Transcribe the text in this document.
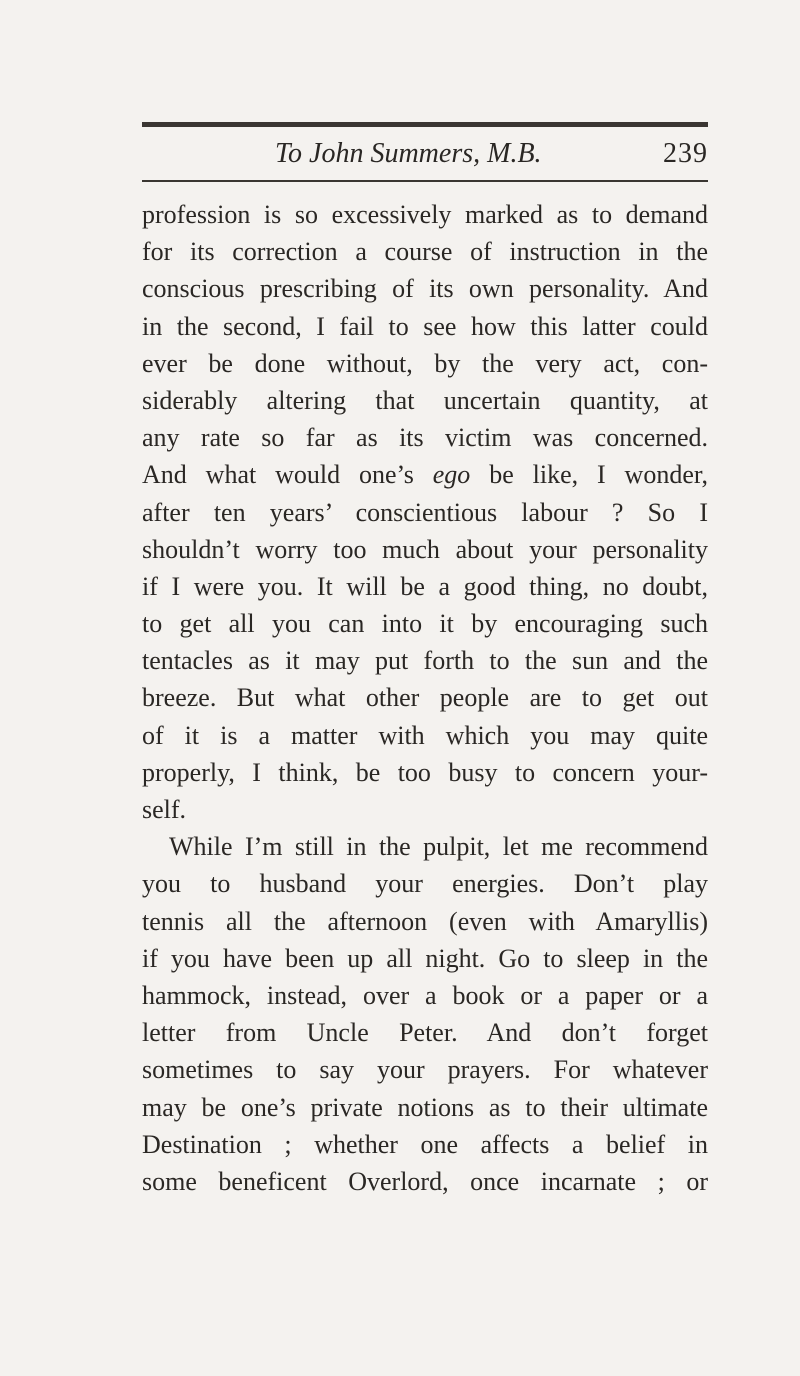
To John Summers, M.B.	239
profession is so excessively marked as to demand
for its correction a course of instruction in the
conscious prescribing of its own personality. And
in the second, I fail to see how this latter could
ever be done without, by the very act, con-
siderably altering that uncertain quantity, at
any rate so far as its victim was concerned.
And what would one’s ego be like, I wonder,
after ten years’ conscientious labour ? So I
shouldn’t worry too much about your personality
if I were you. It will be a good thing, no doubt,
to get all you can into it by encouraging such
tentacles as it may put forth to the sun and the
breeze. But what other people are to get out
of it is a matter with which you may quite
properly, I think, be too busy to concern your-
self.
While I’m still in the pulpit, let me recommend
you to husband your energies. Don’t play
tennis all the afternoon (even with Amaryllis)
if you have been up all night. Go to sleep in the
hammock, instead, over a book or a paper or a
letter from Uncle Peter. And don’t forget
sometimes to say your prayers. For whatever
may be one’s private notions as to their ultimate
Destination ; whether one affects a belief in
some beneficent Overlord, once incarnate ; or
